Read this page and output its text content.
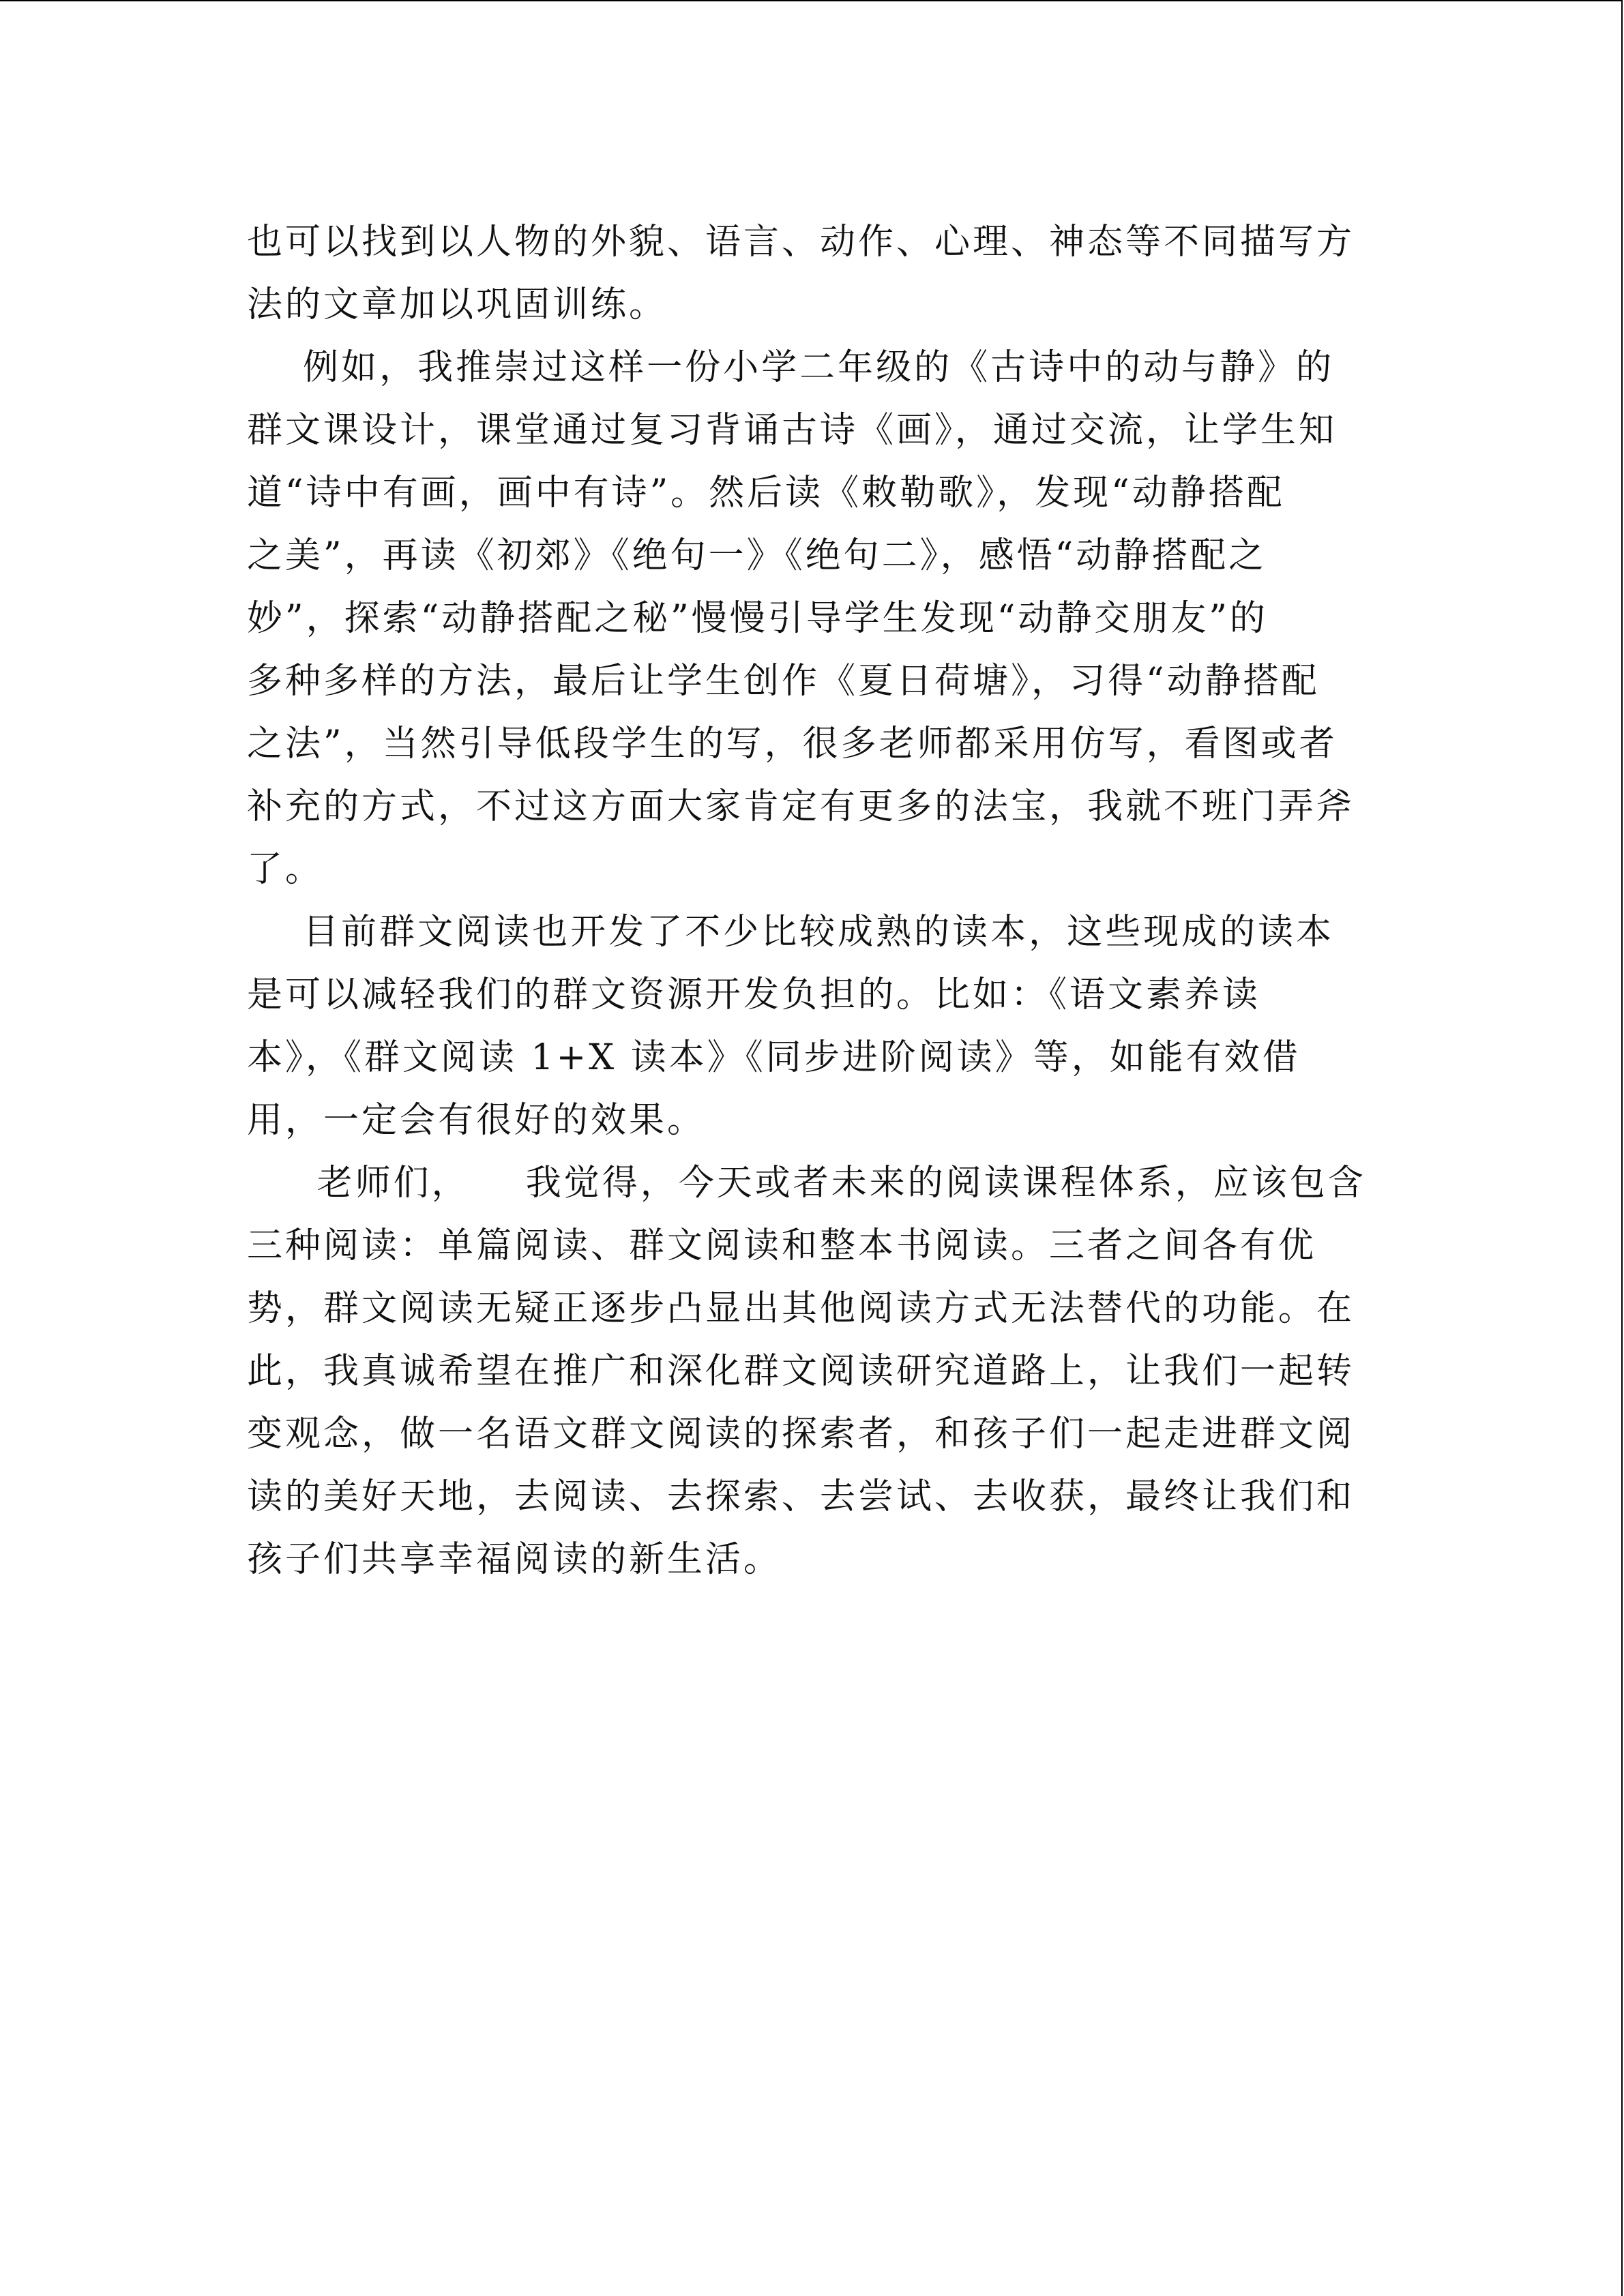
也可以找到以人物的外貌、语言、动作、心理、神态等不同描写方
法的文章加以巩固训练。
例如，我推崇过这样一份小学二年级的《古诗中的动与静》的
群文课设计，课堂通过复习背诵古诗《画》，通过交流，让学生知
道“诗中有画，画中有诗”。然后读《敕勒歌》，发现“动静搭配
之美”，再读《初郊》《绝句一》《绝句二》，感悟“动静搭配之
妙”，探索“动静搭配之秘”慢慢引导学生发现“动静交朋友”的
多种多样的方法，最后让学生创作《夏日荷塘》，习得“动静搭配
之法”，当然引导低段学生的写，很多老师都采用仿写，看图或者
补充的方式，不过这方面大家肯定有更多的法宝，我就不班门弄斧
了。
目前群文阅读也开发了不少比较成熟的读本，这些现成的读本
是可以减轻我们的群文资源开发负担的。比如：《语文素养读
本》，《群文阅读 1+X 读本》《同步进阶阅读》等，如能有效借
用，一定会有很好的效果。
老师们，    我觉得，今天或者未来的阅读课程体系，应该包含
三种阅读：单篇阅读、群文阅读和整本书阅读。三者之间各有优
势，群文阅读无疑正逐步凸显出其他阅读方式无法替代的功能。在
此，我真诚希望在推广和深化群文阅读研究道路上，让我们一起转
变观念，做一名语文群文阅读的探索者，和孩子们一起走进群文阅
读的美好天地，去阅读、去探索、去尝试、去收获，最终让我们和
孩子们共享幸福阅读的新生活。
